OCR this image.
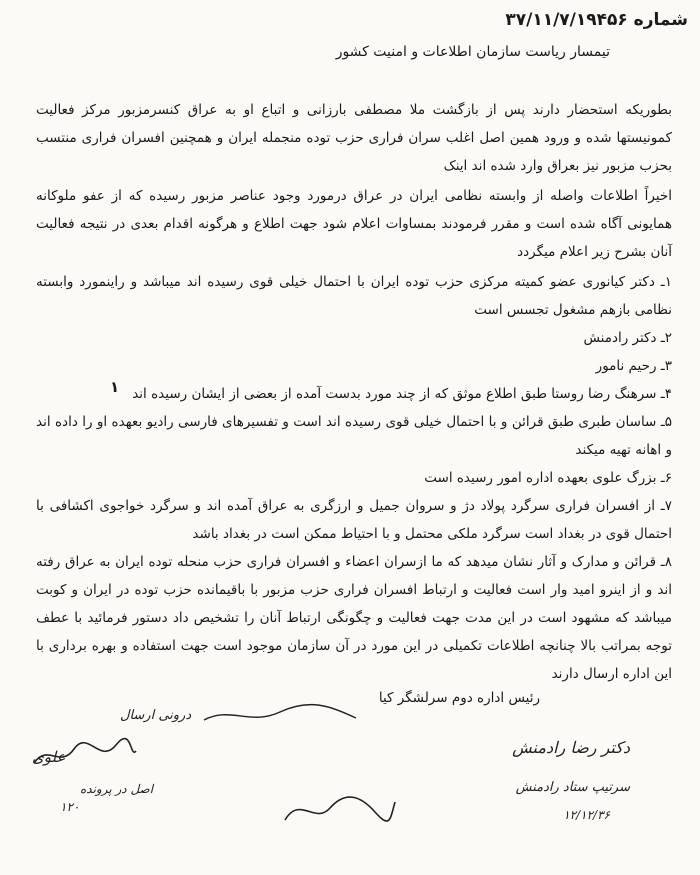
شماره ۳۷/۱۱/۷/۱۹۴۵۶
تیمسار ریاست سازمان اطلاعات و امنیت کشور
بطوریکه استحضار دارند پس از بازگشت ملا مصطفی بارزانی و اتباع او به عراق کنسرمزبور مرکز فعالیت کمونیستها شده و ورود همین اصل اغلب سران فراری حزب توده منجمله ایران و همچنین افسران فراری منتسب بحزب مزبور نیز بعراق وارد شده اند اینک
اخیراً اطلاعات واصله از وابسته نظامی ایران در عراق درمورد وجود عناصر مزبور رسیده که از عفو ملوکانه همایونی آگاه شده است و مقرر فرمودند بمساوات اعلام شود جهت اطلاع و هرگونه اقدام بعدی در نتیجه فعالیت آنان بشرح زیر اعلام میگردد
۱ـ دکتر کیانوری عضو کمیته مرکزی حزب توده ایران با احتمال خیلی قوی رسیده اند میباشد و راینمورد وابسته نظامی بازهم مشغول تجسس است
۲ـ دکتر رادمنش
۳ـ رحیم نامور
۴ـ سرهنگ رضا روستا طبق اطلاع موثق که از چند مورد بدست آمده از بعضی از ایشان رسیده اند
۵ـ ساسان طبری طبق قرائن و با احتمال خیلی قوی رسیده اند است و تفسیرهای فارسی رادیو بعهده او را داده اند و اهانه تهیه میکند
۶ـ بزرگ علوی بعهده اداره امور رسیده است
۷ـ از افسران فراری سرگرد پولاد دژ و سروان جمیل و ارزگری به عراق آمده اند و سرگرد خواجوی اکشافی با احتمال قوی در بغداد است سرگرد ملکی محتمل و با احتیاط ممکن است در بغداد باشد
۸ـ قرائن و مدارک و آثار نشان میدهد که ما ازسران اعضاء و افسران فراری حزب منحله توده ایران به عراق رفته اند و از اینرو امید وار است فعالیت و ارتباط افسران فراری حزب مزبور با باقیمانده حزب توده در ایران و کوبت میباشد که مشهود است در این مدت جهت فعالیت و چگونگی ارتباط آنان را تشخیص داد دستور فرمائید با عطف توجه بمراتب بالا چنانچه اطلاعات تکمیلی در این مورد در آن سازمان موجود است جهت استفاده و بهره برداری با این اداره ارسال دارند
۱
رئیس اداره دوم سرلشگر کیا
دکتر رضا رادمنش
سرتیپ ستاد رادمنش
۱۲/۱۲/۳۶
درونی ارسال
علوی
اصل در پرونده
۱۲۰
